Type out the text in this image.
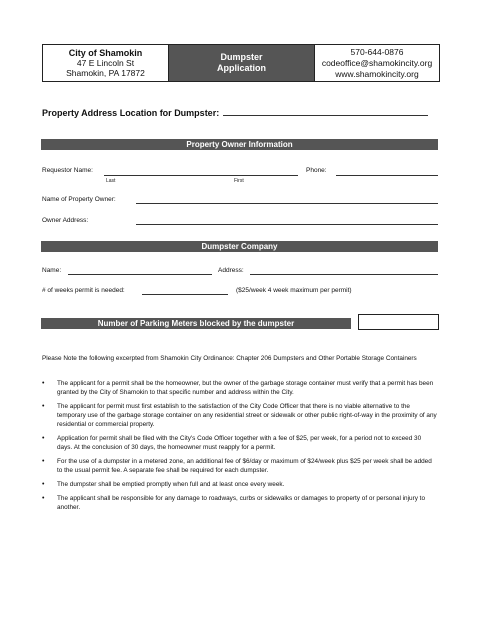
City of Shamokin
47 E Lincoln St
Shamokin, PA 17872
Dumpster
Application
570-644-0876
codeoffice@shamokincity.org
www.shamokincity.org
Property Address Location for Dumpster:
Property Owner Information
Requestor Name:
Last	First
Phone:
Name of Property Owner:
Owner Address:
Dumpster Company
Name:	Address:
# of weeks permit is needed:	($25/week 4 week maximum per permit)
Number of Parking Meters blocked by the dumpster
Please Note the following excerpted from Shamokin City Ordinance: Chapter 206 Dumpsters and Other Portable Storage Containers
• The applicant for a permit shall be the homeowner, but the owner of the garbage storage container must verify that a permit has been granted by the City of Shamokin to that specific number and address within the City.
• The applicant for permit must first establish to the satisfaction of the City Code Officer that there is no viable alternative to the temporary use of the garbage storage container on any residential street or sidewalk or other public right-of-way in the proximity of any residential or commercial property.
• Application for permit shall be filed with the City's Code Officer together with a fee of $25, per week, for a period not to exceed 30 days. At the conclusion of 30 days, the homeowner must reapply for a permit.
• For the use of a dumpster in a metered zone, an additional fee of $6/day or maximum of $24/week plus $25 per week shall be added to the usual permit fee. A separate fee shall be required for each dumpster.
• The dumpster shall be emptied promptly when full and at least once every week.
• The applicant shall be responsible for any damage to roadways, curbs or sidewalks or damages to property of or personal injury to another.
